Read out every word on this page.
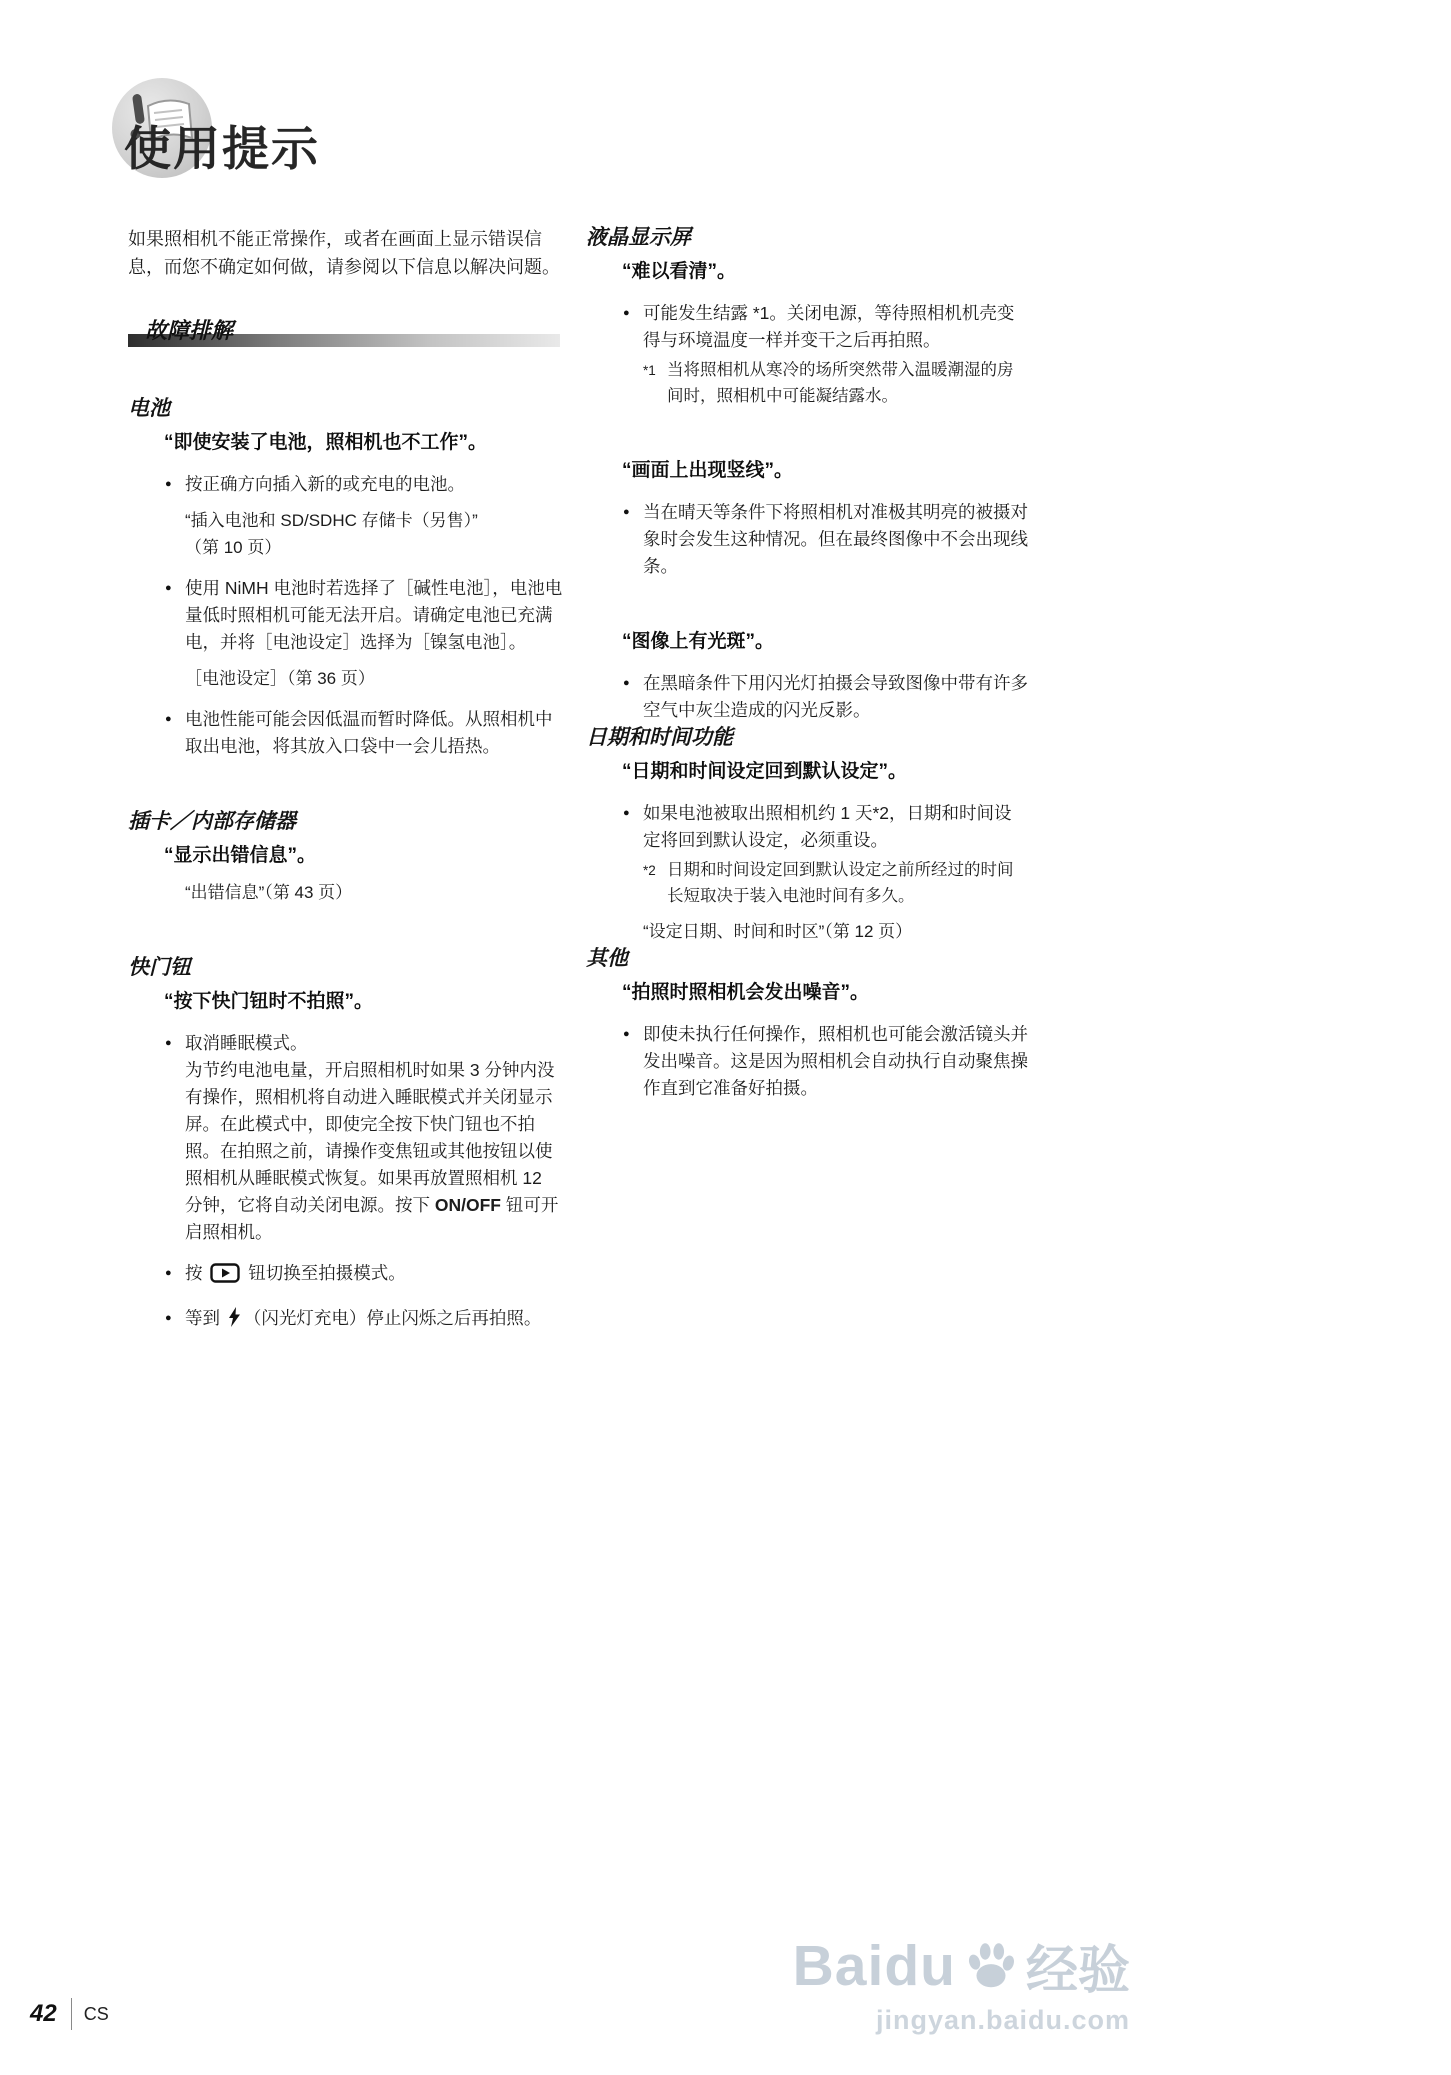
使用提示

如果照相机不能正常操作，或者在画面上显示错误信息，而您不确定如何做，请参阅以下信息以解决问题。

故障排解
电池

“即使安装了电池，照相机也不工作”。

● 按正确方向插入新的或充电的电池。

“插入电池和 SD/SDHC 存储卡（另售）”

（第 10 页）

● 使用 NiMH 电池时若选择了［碱性电池］，电池电量低时照相机可能无法开启。请确定电池已充满电，并将［电池设定］选择为［镍氢电池］。

［电池设定］（第 36 页）

● 电池性能可能会因低温而暂时降低。从照相机中取出电池，将其放入口袋中一会儿捂热。
插卡／内部存储器

“显示出错信息”。

“出错信息”（第 43 页）

快门钮

“按下快门钮时不拍照”。

● 取消睡眠模式。
为节约电池电量，开启照相机时如果 3 分钟内没有操作，照相机将自动进入睡眠模式并关闭显示屏。在此模式中，即使完全按下快门钮也不拍照。在拍照之前，请操作变焦钮或其他按钮以使照相机从睡眠模式恢复。如果再放置照相机 12 分钟，它将自动关闭电源。按下 ON/OFF 钮可开启照相机。
● 按  钮切换至拍摄模式。
● 等到 （闪光灯充电）停止闪烁之后再拍照。
液晶显示屏

“难以看清”。

● 可能发生结露 *1。关闭电源，等待照相机机壳变得与环境温度一样并变干之后再拍照。
*1 当将照相机从寒冷的场所突然带入温暖潮湿的房间时，照相机中可能凝结露水。

“画面上出现竖线”。

● 当在晴天等条件下将照相机对准极其明亮的被摄对象时会发生这种情况。但在最终图像中不会出现线条。

“图像上有光斑”。

● 在黑暗条件下用闪光灯拍摄会导致图像中带有许多空气中灰尘造成的闪光反影。
日期和时间功能

“日期和时间设定回到默认设定”。

● 如果电池被取出照相机约 1 天*2，日期和时间设定将回到默认设定，必须重设。
*2 日期和时间设定回到默认设定之前所经过的时间长短取决于装入电池时间有多久。

“设定日期、时间和时区”（第 12 页）

其他

“拍照时照相机会发出噪音”。

● 即使未执行任何操作，照相机也可能会激活镜头并发出噪音。这是因为照相机会自动执行自动聚焦操作直到它准备好拍摄。
42 CS
Baidu 经验
jingyan.baidu.com
